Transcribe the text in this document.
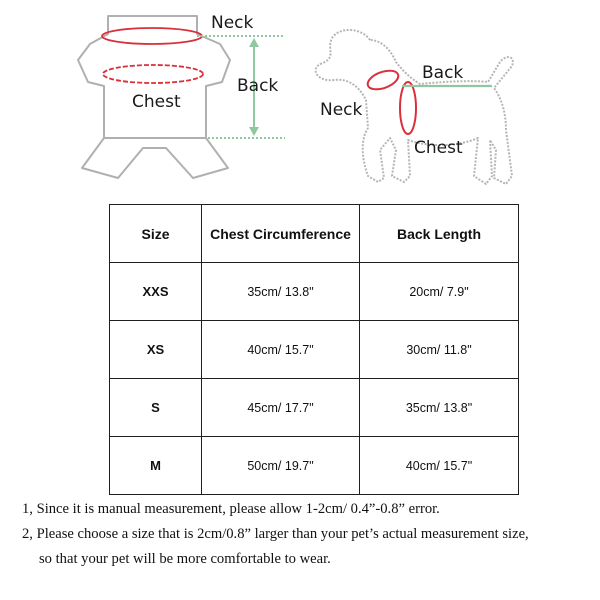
Neck
Back
Chest
Back
Neck
Chest
Size	Chest Circumference	Back Length
XXS	35cm/ 13.8"	20cm/ 7.9"
XS	40cm/ 15.7"	30cm/ 11.8"
S	45cm/ 17.7"	35cm/ 13.8"
M	50cm/ 19.7"	40cm/ 15.7"

1, Since it is manual measurement, please allow 1-2cm/ 0.4”-0.8” error.

2, Please choose a size that is 2cm/0.8” larger than your pet’s actual measurement size,

so that your pet will be more comfortable to wear.
